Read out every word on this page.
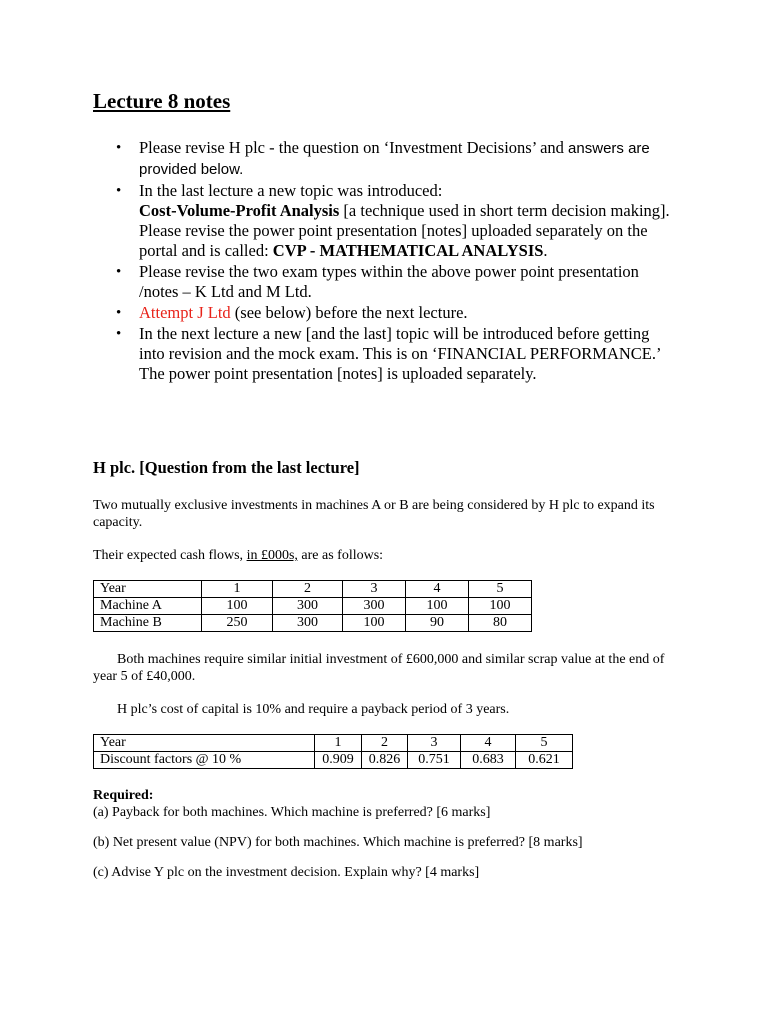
Lecture 8 notes
• Please revise H plc - the question on ‘Investment Decisions’ and answers are provided below.
• In the last lecture a new topic was introduced:
Cost-Volume-Profit Analysis [a technique used in short term decision making]. Please revise the power point presentation [notes] uploaded separately on the portal and is called: CVP - MATHEMATICAL ANALYSIS.
• Please revise the two exam types within the above power point presentation /notes – K Ltd and M Ltd.
• Attempt J Ltd (see below) before the next lecture.
• In the next lecture a new [and the last] topic will be introduced before getting into revision and the mock exam. This is on ‘FINANCIAL PERFORMANCE.’ The power point presentation [notes] is uploaded separately.
H plc. [Question from the last lecture]

Two mutually exclusive investments in machines A or B are being considered by H plc to expand its capacity.

Their expected cash flows, in £000s, are as follows:

Year	1	2	3	4	5
Machine A	100	300	300	100	100
Machine B	250	300	100	90	80

Both machines require similar initial investment of £600,000 and similar scrap value at the end of year 5 of £40,000.

H plc’s cost of capital is 10% and require a payback period of 3 years.

Year	1	2	3	4	5
Discount factors @ 10 %	0.909	0.826	0.751	0.683	0.621

Required:

(a) Payback for both machines. Which machine is preferred? [6 marks]

(b) Net present value (NPV) for both machines. Which machine is preferred? [8 marks]

(c) Advise Y plc on the investment decision. Explain why? [4 marks]
